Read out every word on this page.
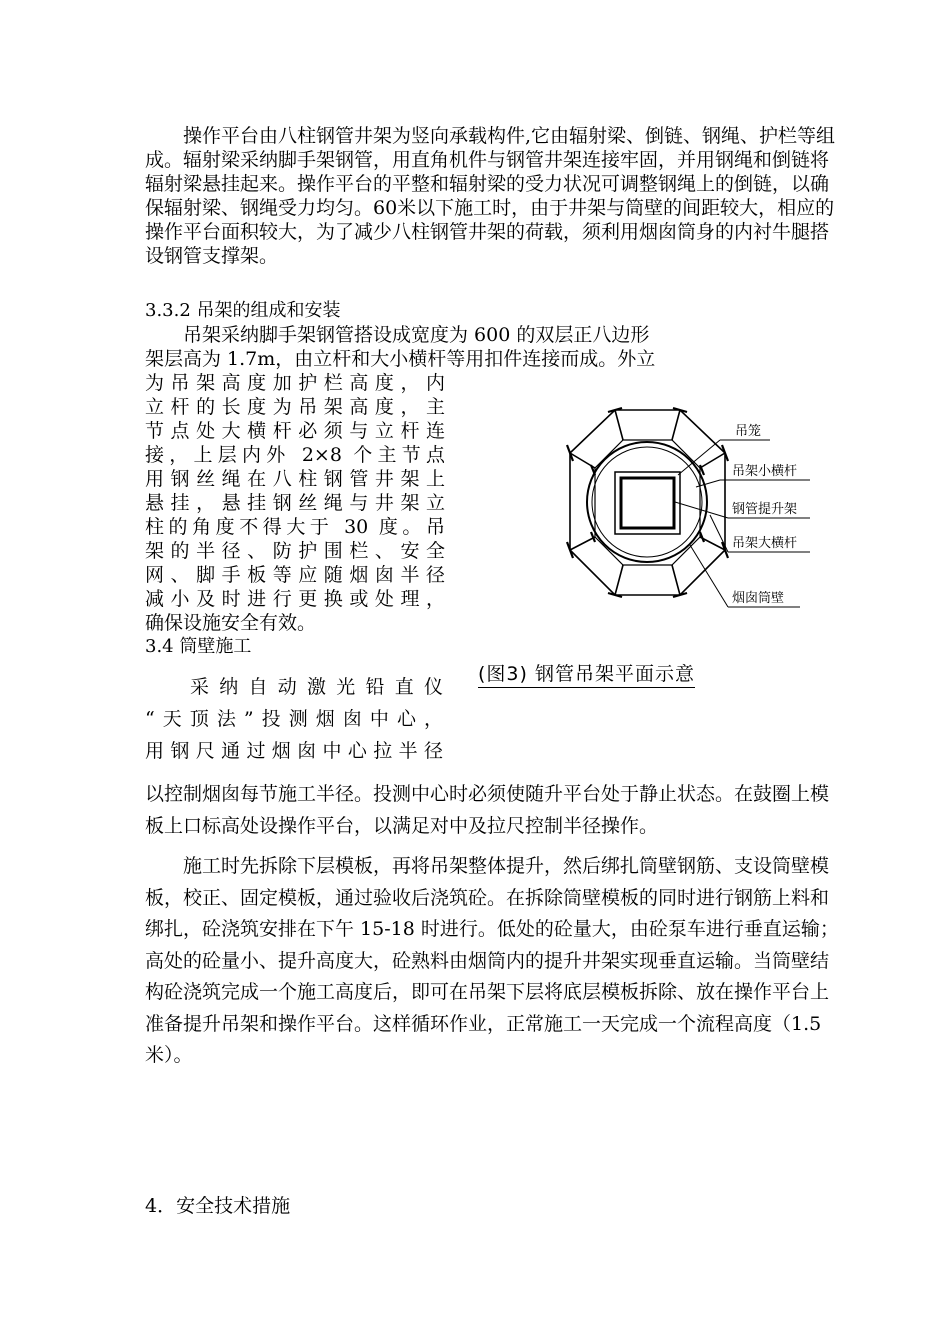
操作平台由八柱钢管井架为竖向承载构件,它由辐射梁、倒链、钢绳、护栏等组成。辐射梁采纳脚手架钢管，用直角机件与钢管井架连接牢固，并用钢绳和倒链将辐射梁悬挂起来。操作平台的平整和辐射梁的受力状况可调整钢绳上的倒链，以确保辐射梁、钢绳受力均匀。60米以下施工时，由于井架与筒壁的间距较大，相应的操作平台面积较大，为了减少八柱钢管井架的荷载，须利用烟囱筒身的内衬牛腿搭设钢管支撑架。

3.3.2 吊架的组成和安装
吊架采纳脚手架钢管搭设成宽度为 600 的双层正八边形
架层高为 1.7m，由立杆和大小横杆等用扣件连接而成。外立
为吊架高度加护栏高度，内
立杆的长度为吊架高度，主
节点处大横杆必须与立杆连
接，上层内外 2×8 个主节点
用钢丝绳在八柱钢管井架上
悬挂，悬挂钢丝绳与井架立
柱的角度不得大于 30 度。吊
架的半径、防护围栏、安全
网、脚手板等应随烟囱半径
减小及时进行更换或处理，
确保设施安全有效。
3.4 筒壁施工
采纳自动激光铅直仪
“天顶法”投测烟囱中心，
用钢尺通过烟囱中心拉半径
以控制烟囱每节施工半径。投测中心时必须使随升平台处于静止状态。在鼓圈上模板上口标高处设操作平台，以满足对中及拉尺控制半径操作。

施工时先拆除下层模板，再将吊架整体提升，然后绑扎筒壁钢筋、支设筒壁模板，校正、固定模板，通过验收后浇筑砼。在拆除筒壁模板的同时进行钢筋上料和绑扎，砼浇筑安排在下午 15-18 时进行。低处的砼量大，由砼泵车进行垂直运输；高处的砼量小、提升高度大，砼熟料由烟筒内的提升井架实现垂直运输。当筒壁结构砼浇筑完成一个施工高度后，即可在吊架下层将底层模板拆除、放在操作平台上准备提升吊架和操作平台。这样循环作业，正常施工一天完成一个流程高度（1.5 米）。

4．安全技术措施
吊笼
吊架小横杆
钢管提升架
吊架大横杆
烟囱筒壁
(图3) 钢管吊架平面示意
